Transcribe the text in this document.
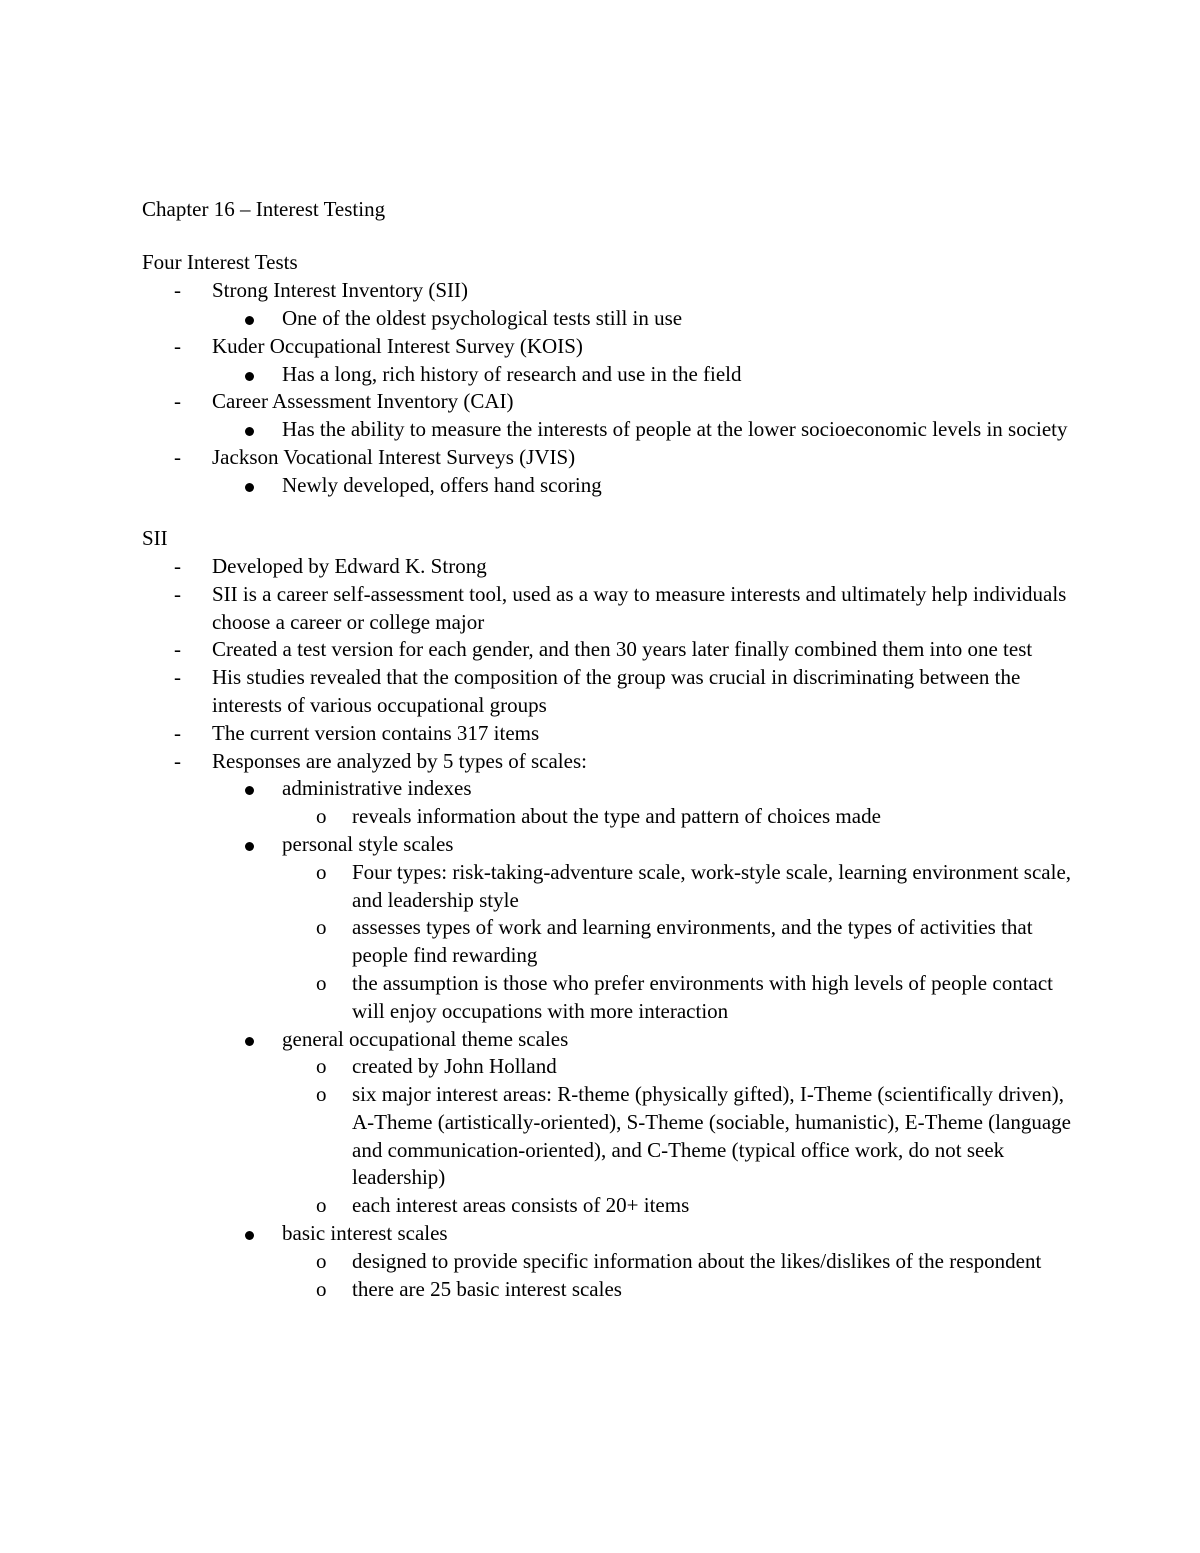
Chapter 16 – Interest Testing
Four Interest Tests
- Strong Interest Inventory (SII)
One of the oldest psychological tests still in use
- Kuder Occupational Interest Survey (KOIS)
Has a long, rich history of research and use in the field
- Career Assessment Inventory (CAI)
Has the ability to measure the interests of people at the lower socioeconomic levels in society
- Jackson Vocational Interest Surveys (JVIS)
Newly developed, offers hand scoring
SII
- Developed by Edward K. Strong
- SII is a career self-assessment tool, used as a way to measure interests and ultimately help individuals choose a career or college major
- Created a test version for each gender, and then 30 years later finally combined them into one test
- His studies revealed that the composition of the group was crucial in discriminating between the interests of various occupational groups
- The current version contains 317 items
- Responses are analyzed by 5 types of scales:
administrative indexes
o reveals information about the type and pattern of choices made
personal style scales
o Four types: risk-taking-adventure scale, work-style scale, learning environment scale, and leadership style
o assesses types of work and learning environments, and the types of activities that people find rewarding
o the assumption is those who prefer environments with high levels of people contact will enjoy occupations with more interaction
general occupational theme scales
o created by John Holland
o six major interest areas: R-theme (physically gifted), I-Theme (scientifically driven), A-Theme (artistically-oriented), S-Theme (sociable, humanistic), E-Theme (language and communication-oriented), and C-Theme (typical office work, do not seek leadership)
o each interest areas consists of 20+ items
basic interest scales
o designed to provide specific information about the likes/dislikes of the respondent
o there are 25 basic interest scales
